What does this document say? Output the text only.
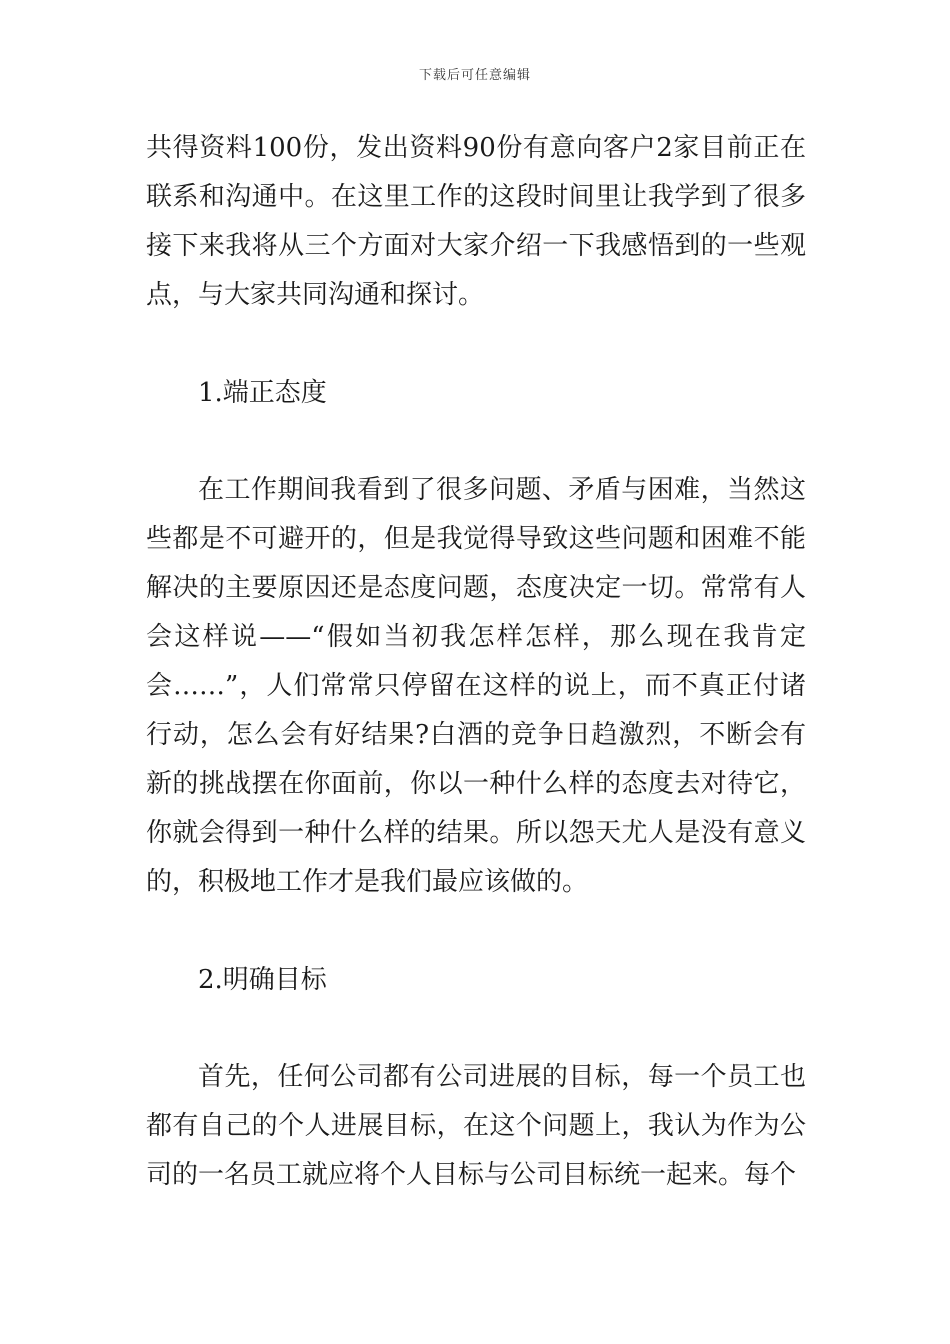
下载后可任意编辑

共得资料100份，发出资料90份有意向客户2家目前正在联系和沟通中。在这里工作的这段时间里让我学到了很多接下来我将从三个方面对大家介绍一下我感悟到的一些观点，与大家共同沟通和探讨。

1.端正态度

在工作期间我看到了很多问题、矛盾与困难，当然这些都是不可避开的，但是我觉得导致这些问题和困难不能解决的主要原因还是态度问题，态度决定一切。常常有人会这样说——“假如当初我怎样怎样，那么现在我肯定会……”，人们常常只停留在这样的说上，而不真正付诸行动，怎么会有好结果?白酒的竞争日趋激烈，不断会有新的挑战摆在你面前，你以一种什么样的态度去对待它，你就会得到一种什么样的结果。所以怨天尤人是没有意义的，积极地工作才是我们最应该做的。

2.明确目标

首先，任何公司都有公司进展的目标，每一个员工也都有自己的个人进展目标，在这个问题上，我认为作为公司的一名员工就应将个人目标与公司目标统一起来。每个
